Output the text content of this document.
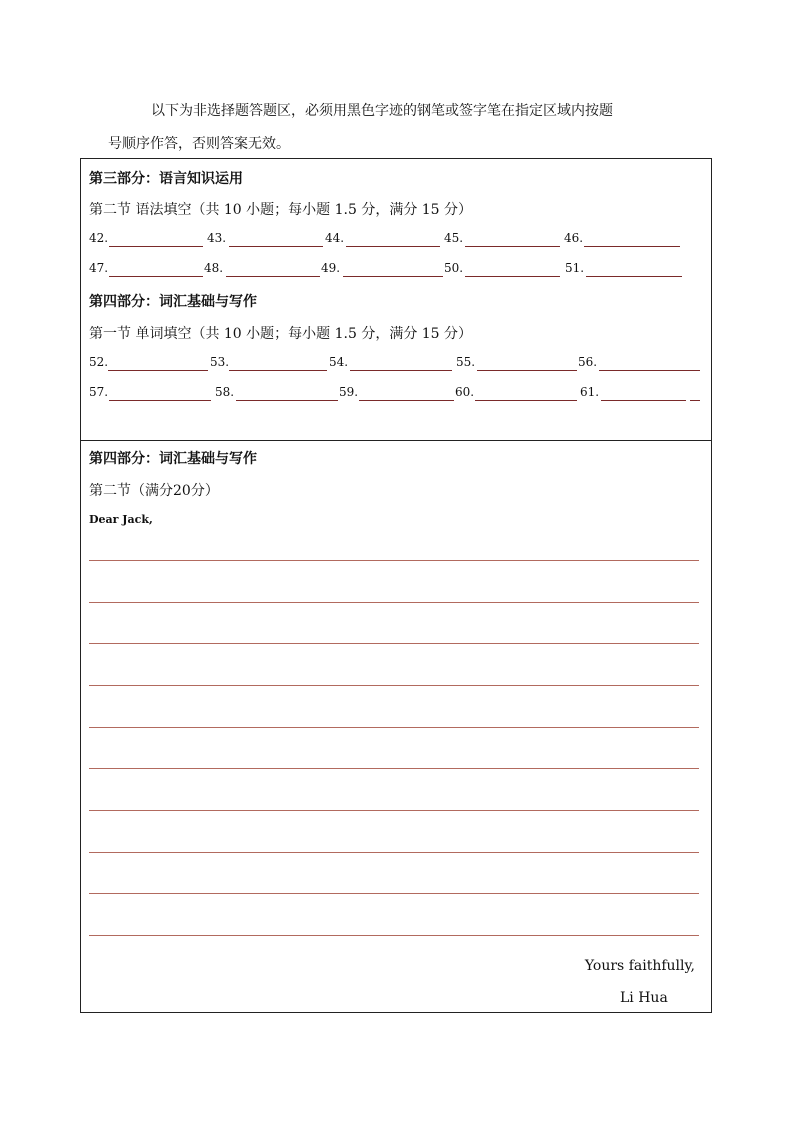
以下为非选择题答题区，必须用黑色字迹的钢笔或签字笔在指定区域内按题
号顺序作答，否则答案无效。
第三部分：语言知识运用
第二节 语法填空（共 10 小题；每小题 1.5 分，满分 15 分）
42.	43.	44.	45.	46.
47.	48.	49.	50.	51.
第四部分：词汇基础与写作
第一节 单词填空（共 10 小题；每小题 1.5 分，满分 15 分）
52.	53.	54.	55.	56.
57.	58.	59.	60.	61.
第四部分：词汇基础与写作
第二节（满分20分）
Dear Jack,
Yours faithfully,
Li Hua
